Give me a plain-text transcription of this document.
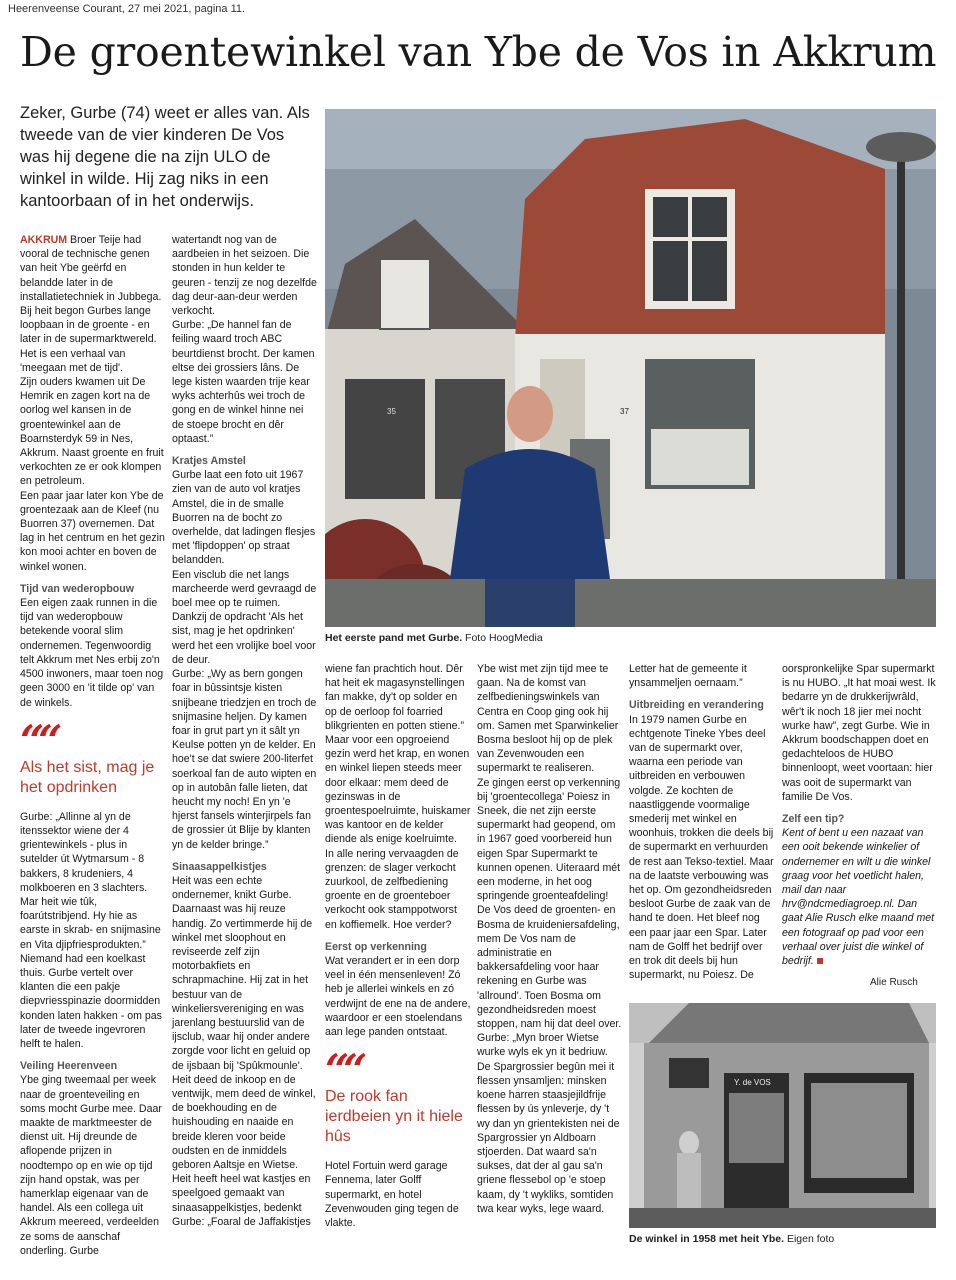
Heerenveense Courant, 27 mei 2021, pagina 11.
De groentewinkel van Ybe de Vos in Akkrum
Zeker, Gurbe (74) weet er alles van. Als tweede van de vier kinderen De Vos was hij degene die na zijn ULO de winkel in wilde. Hij zag niks in een kantoorbaan of in het onderwijs.
37
35
Het eerste pand met Gurbe. Foto HoogMedia

AKKRUM Broer Teije had vooral de technische genen van heit Ybe geërfd en belandde later in de installatietechniek in Jubbega. Bij heit begon Gurbes lange loopbaan in de groente - en later in de supermarktwereld. Het is een verhaal van 'meegaan met de tijd'.

Zijn ouders kwamen uit De Hemrik en zagen kort na de oorlog wel kansen in de groentewinkel aan de Boarnsterdyk 59 in Nes, Akkrum. Naast groente en fruit verkochten ze er ook klompen en petroleum.

Een paar jaar later kon Ybe de groentezaak aan de Kleef (nu Buorren 37) overnemen. Dat lag in het centrum en het gezin kon mooi achter en boven de winkel wonen.

Tijd van wederopbouw

Een eigen zaak runnen in die tijd van wederopbouw betekende vooral slim ondernemen. Tegenwoordig telt Akkrum met Nes erbij zo'n 4500 inwoners, maar toen nog geen 3000 en 'it tilde op' van de winkels.

““
Als het sist, mag je het opdrinken

Gurbe: „Allinne al yn de itenssektor wiene der 4 grientewinkels - plus in sutelder út Wytmarsum - 8 bakkers, 8 krudeniers, 4 molkboeren en 3 slachters. Mar heit wie tûk, foarútstribjend. Hy hie as earste in skrab- en snijmasine en Vita djipfriesprodukten.” Niemand had een koelkast thuis. Gurbe vertelt over klanten die een pakje diepvriesspinazie doormidden konden laten hakken - om pas later de tweede ingevroren helft te halen.

Veiling Heerenveen

Ybe ging tweemaal per week naar de groenteveiling en soms mocht Gurbe mee. Daar maakte de marktmeester de dienst uit. Hij dreunde de aflopende prijzen in noodtempo op en wie op tijd zijn hand opstak, was per hamerklap eigenaar van de handel. Als een collega uit Akkrum meereed, verdeelden ze soms de aanschaf onderling. Gurbe

watertandt nog van de aardbeien in het seizoen. Die stonden in hun kelder te geuren - tenzij ze nog dezelfde dag deur-aan-deur werden verkocht.

Gurbe: „De hannel fan de feiling waard troch ABC beurtdienst brocht. Der kamen eltse dei grossiers lâns. De lege kisten waarden trije kear wyks achterhûs wei troch de gong en de winkel hinne nei de stoepe brocht en dêr optaast.”

Kratjes Amstel

Gurbe laat een foto uit 1967 zien van de auto vol kratjes Amstel, die in de smalle Buorren na de bocht zo overhelde, dat ladingen flesjes met 'flipdoppen' op straat belandden.

Een visclub die net langs marcheerde werd gevraagd de boel mee op te ruimen. Dankzij de opdracht 'Als het sist, mag je het opdrinken' werd het een vrolijke boel voor de deur.

Gurbe: „Wy as bern gongen foar in bûssintsje kisten snijbeane triedzjen en troch de snijmasine heljen. Dy kamen foar in grut part yn it sâlt yn Keulse potten yn de kelder. En hoe't se dat swiere 200-literfet soerkoal fan de auto wipten en op in autobân falle lieten, dat heucht my noch! En yn 'e hjerst fansels winterjirpels fan de grossier út Blije by klanten yn de kelder bringe.”

Sinaasappelkistjes

Heit was een echte ondernemer, knikt Gurbe. Daarnaast was hij reuze handig. Zo vertimmerde hij de winkel met sloophout en reviseerde zelf zijn motorbakfiets en schrapmachine. Hij zat in het bestuur van de winkeliersvereniging en was jarenlang bestuurslid van de ijsclub, waar hij onder andere zorgde voor licht en geluid op de ijsbaan bij 'Spûkmounle'. Heit deed de inkoop en de ventwijk, mem deed de winkel, de boekhouding en de huishouding en naaide en breide kleren voor beide oudsten en de inmiddels geboren Aaltsje en Wietse. Heit heeft heel wat kastjes en speelgoed gemaakt van sinaasappelkistjes, bedenkt Gurbe: „Foaral de Jaffakistjes

wiene fan prachtich hout. Dêr hat heit ek magasynstellingen fan makke, dy't op solder en op de oerloop fol foarried blikgrienten en potten stiene.”

Maar voor een opgroeiend gezin werd het krap, en wonen en winkel liepen steeds meer door elkaar: mem deed de gezinswas in de groentespoelruimte, huiskamer was kantoor en de kelder diende als enige koelruimte.

In alle nering vervaagden de grenzen: de slager verkocht zuurkool, de zelfbediening groente en de groenteboer verkocht ook stamppotworst en koffiemelk. Hoe verder?

Eerst op verkenning

Wat verandert er in een dorp veel in één mensenleven! Zó heb je allerlei winkels en zó verdwijnt de ene na de andere, waardoor er een stoelendans aan lege panden ontstaat.

““
De rook fan ierdbeien yn it hiele hûs

Hotel Fortuin werd garage Fennema, later Golff supermarkt, en hotel Zevenwouden ging tegen de vlakte.

Ybe wist met zijn tijd mee te gaan. Na de komst van zelfbedieningswinkels van Centra en Coop ging ook hij om. Samen met Sparwinkelier Bosma besloot hij op de plek van Zevenwouden een supermarkt te realiseren.

Ze gingen eerst op verkenning bij 'groentecollega' Poiesz in Sneek, die net zijn eerste supermarkt had geopend, om in 1967 goed voorbereid hun eigen Spar Supermarkt te kunnen openen. Uiteraard mét een moderne, in het oog springende groenteafdeling!

De Vos deed de groenten- en Bosma de kruideniersafdeling, mem De Vos nam de administratie en bakkersafdeling voor haar rekening en Gurbe was 'allround'. Toen Bosma om gezondheidsreden moest stoppen, nam hij dat deel over.

Gurbe: „Myn broer Wietse wurke wyls ek yn it bedriuw. De Spargrossier begûn mei it flessen ynsamljen: minsken koene harren staasjejildfrije flessen by ús ynleverje, dy 't wy dan yn grientekisten nei de Spargrossier yn Aldboarn stjoerden. Dat waard sa'n sukses, dat der al gau sa'n griene flessebol op 'e stoep kaam, dy 't wykliks, somtiden twa kear wyks, lege waard.

Letter hat de gemeente it ynsammeljen oernaam.”

Uitbreiding en verandering

In 1979 namen Gurbe en echtgenote Tineke Ybes deel van de supermarkt over, waarna een periode van uitbreiden en verbouwen volgde. Ze kochten de naastliggende voormalige smederij met winkel en woonhuis, trokken die deels bij de supermarkt en verhuurden de rest aan Tekso-textiel. Maar na de laatste verbouwing was het op. Om gezondheidsreden besloot Gurbe de zaak van de hand te doen. Het bleef nog een paar jaar een Spar. Later nam de Golff het bedrijf over en trok dit deels bij hun supermarkt, nu Poiesz. De

oorspronkelijke Spar supermarkt is nu HUBO. „It hat moai west. Ik bedarre yn de drukkerijwrâld, wêr't ik noch 18 jier mei nocht wurke haw”, zegt Gurbe. Wie in Akkrum boodschappen doet en gedachteloos de HUBO binnenloopt, weet voortaan: hier was ooit de supermarkt van familie De Vos.

Zelf een tip?

Kent of bent u een nazaat van een ooit bekende winkelier of ondernemer en wilt u die winkel graag voor het voetlicht halen, mail dan naar hrv@ndcmediagroep.nl. Dan gaat Alie Rusch elke maand met een fotograaf op pad voor een verhaal over juist die winkel of bedrijf.

Alie Rusch
Y. de VOS
De winkel in 1958 met heit Ybe. Eigen foto
